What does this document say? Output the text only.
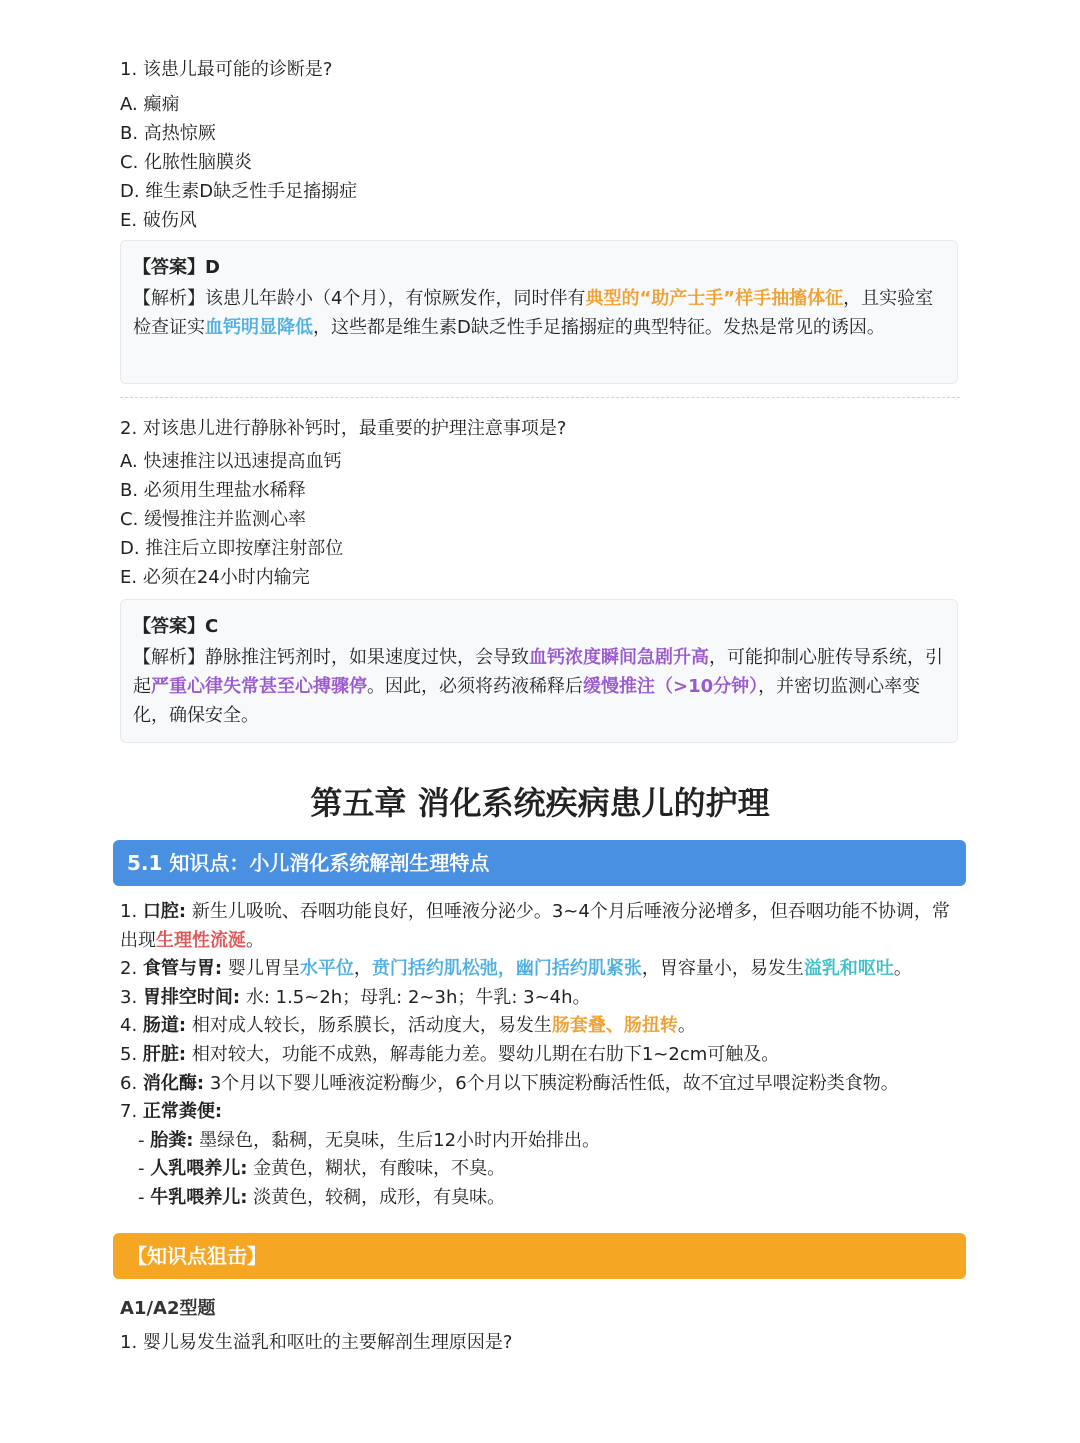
1. 该患儿最可能的诊断是?
A. 癫痫
B. 高热惊厥
C. 化脓性脑膜炎
D. 维生素D缺乏性手足搐搦症
E. 破伤风
【答案】D
【解析】该患儿年龄小（4个月），有惊厥发作，同时伴有典型的“助产士手”样手抽搐体征，且实验室检查证实血钙明显降低，这些都是维生素D缺乏性手足搐搦症的典型特征。发热是常见的诱因。
2. 对该患儿进行静脉补钙时，最重要的护理注意事项是?
A. 快速推注以迅速提高血钙
B. 必须用生理盐水稀释
C. 缓慢推注并监测心率
D. 推注后立即按摩注射部位
E. 必须在24小时内输完
【答案】C
【解析】静脉推注钙剂时，如果速度过快，会导致血钙浓度瞬间急剧升高，可能抑制心脏传导系统，引起严重心律失常甚至心搏骤停。因此，必须将药液稀释后缓慢推注（>10分钟），并密切监测心率变化，确保安全。
第五章 消化系统疾病患儿的护理
5.1 知识点：小儿消化系统解剖生理特点
1. 口腔: 新生儿吸吮、吞咽功能良好，但唾液分泌少。3~4个月后唾液分泌增多，但吞咽功能不协调，常出现生理性流涎。
2. 食管与胃: 婴儿胃呈水平位，贲门括约肌松弛，幽门括约肌紧张，胃容量小，易发生溢乳和呕吐。
3. 胃排空时间: 水: 1.5~2h；母乳: 2~3h；牛乳: 3~4h。
4. 肠道: 相对成人较长，肠系膜长，活动度大，易发生肠套叠、肠扭转。
5. 肝脏: 相对较大，功能不成熟，解毒能力差。婴幼儿期在右肋下1~2cm可触及。
6. 消化酶: 3个月以下婴儿唾液淀粉酶少，6个月以下胰淀粉酶活性低，故不宜过早喂淀粉类食物。
7. 正常粪便:
- 胎粪: 墨绿色，黏稠，无臭味，生后12小时内开始排出。
- 人乳喂养儿: 金黄色，糊状，有酸味，不臭。
- 牛乳喂养儿: 淡黄色，较稠，成形，有臭味。
【知识点狙击】
A1/A2型题
1. 婴儿易发生溢乳和呕吐的主要解剖生理原因是?
